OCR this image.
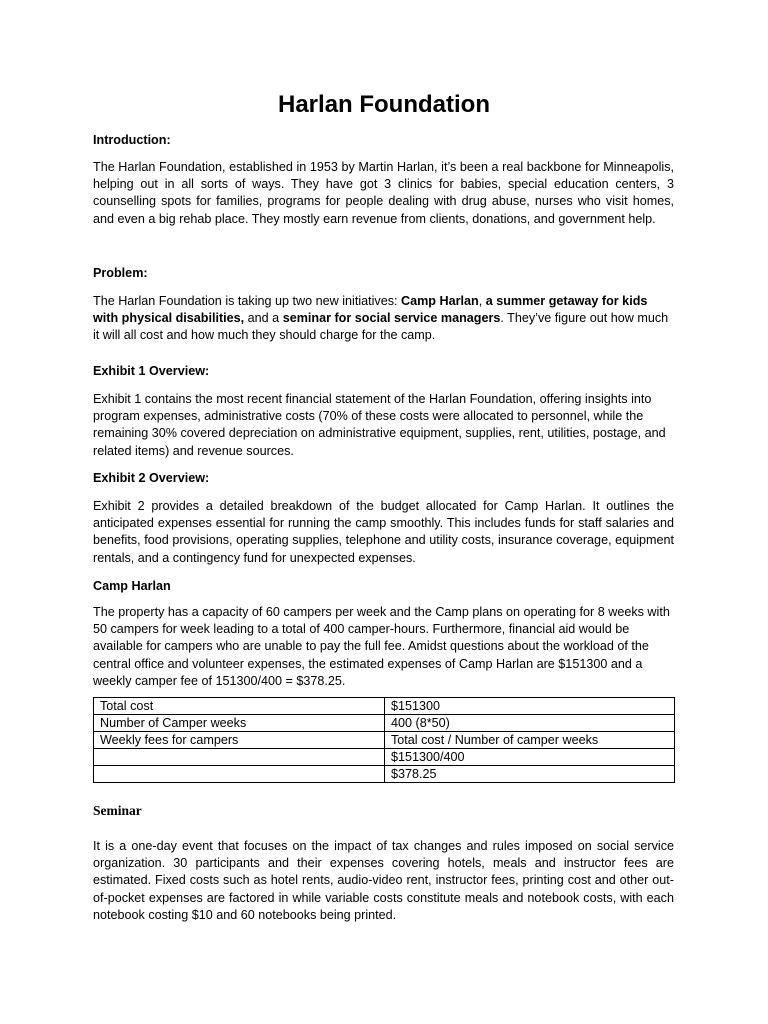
Harlan Foundation
Introduction:
The Harlan Foundation, established in 1953 by Martin Harlan, it’s been a real backbone for Minneapolis, helping out in all sorts of ways. They have got 3 clinics for babies, special education centers, 3 counselling spots for families, programs for people dealing with drug abuse, nurses who visit homes, and even a big rehab place. They mostly earn revenue from clients, donations, and government help.
Problem:
The Harlan Foundation is taking up two new initiatives: Camp Harlan, a summer getaway for kids with physical disabilities, and a seminar for social service managers. They’ve figure out how much it will all cost and how much they should charge for the camp.
Exhibit 1 Overview:
Exhibit 1 contains the most recent financial statement of the Harlan Foundation, offering insights into program expenses, administrative costs (70% of these costs were allocated to personnel, while the remaining 30% covered depreciation on administrative equipment, supplies, rent, utilities, postage, and related items) and revenue sources.
Exhibit 2 Overview:
Exhibit 2 provides a detailed breakdown of the budget allocated for Camp Harlan. It outlines the anticipated expenses essential for running the camp smoothly. This includes funds for staff salaries and benefits, food provisions, operating supplies, telephone and utility costs, insurance coverage, equipment rentals, and a contingency fund for unexpected expenses.
Camp Harlan
The property has a capacity of 60 campers per week and the Camp plans on operating for 8 weeks with 50 campers for week leading to a total of 400 camper-hours. Furthermore, financial aid would be available for campers who are unable to pay the full fee. Amidst questions about the workload of the central office and volunteer expenses, the estimated expenses of Camp Harlan are $151300 and a weekly camper fee of 151300/400 = $378.25.
Total cost	$151300
Number of Camper weeks	400 (8*50)
Weekly fees for campers	Total cost / Number of camper weeks
	$151300/400
	$378.25
Seminar
It is a one-day event that focuses on the impact of tax changes and rules imposed on social service organization. 30 participants and their expenses covering hotels, meals and instructor fees are estimated. Fixed costs such as hotel rents, audio-video rent, instructor fees, printing cost and other out-of-pocket expenses are factored in while variable costs constitute meals and notebook costs, with each notebook costing $10 and 60 notebooks being printed.
